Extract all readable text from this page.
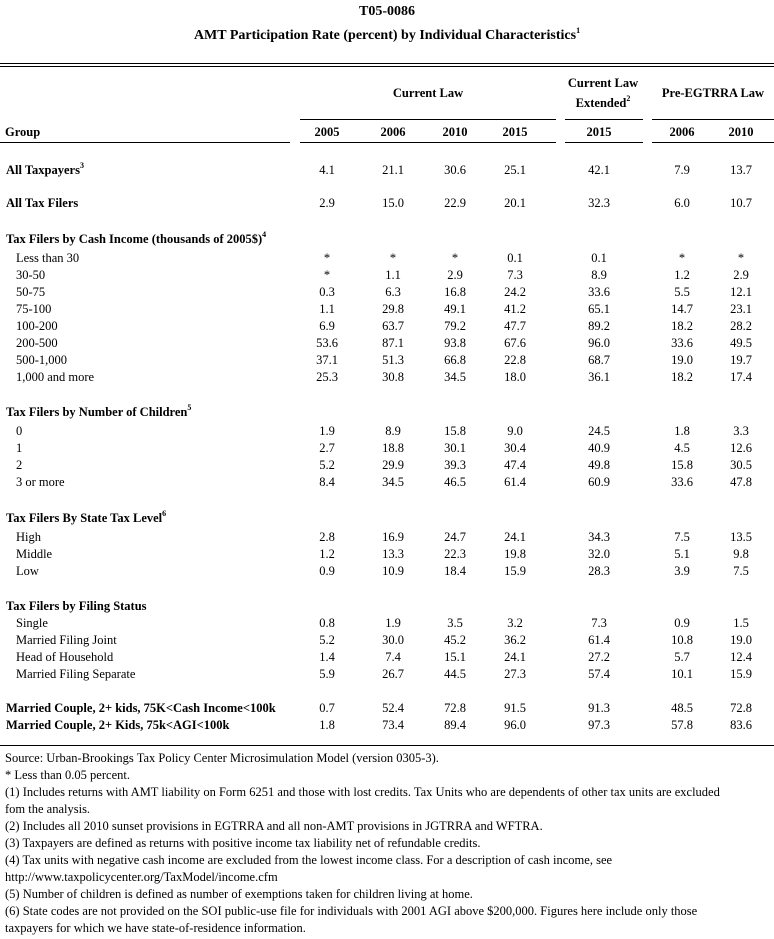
T05-0086
AMT Participation Rate (percent) by Individual Characteristics$^1$
Current Law
Current Law
Extended$^2$	Pre-EGTRRA Law
Group	2005	2006	2010	2015	2015	2006	2010
All Taxpayers$^3$	4.1	21.1	30.6	25.1	42.1	7.9	13.7
All Tax Filers	2.9	15.0	22.9	20.1	32.3	6.0	10.7
Tax Filers by Cash Income (thousands of 2005$)$^4$
Less than 30	*	*	*	0.1	0.1	*	*
30-50	*	1.1	2.9	7.3	8.9	1.2	2.9
50-75	0.3	6.3	16.8	24.2	33.6	5.5	12.1
75-100	1.1	29.8	49.1	41.2	65.1	14.7	23.1
100-200	6.9	63.7	79.2	47.7	89.2	18.2	28.2
200-500	53.6	87.1	93.8	67.6	96.0	33.6	49.5
500-1,000	37.1	51.3	66.8	22.8	68.7	19.0	19.7
1,000 and more	25.3	30.8	34.5	18.0	36.1	18.2	17.4
Tax Filers by Number of Children$^5$
0	1.9	8.9	15.8	9.0	24.5	1.8	3.3
1	2.7	18.8	30.1	30.4	40.9	4.5	12.6
2	5.2	29.9	39.3	47.4	49.8	15.8	30.5
3 or more	8.4	34.5	46.5	61.4	60.9	33.6	47.8
Tax Filers By State Tax Level$^6$
High	2.8	16.9	24.7	24.1	34.3	7.5	13.5
Middle	1.2	13.3	22.3	19.8	32.0	5.1	9.8
Low	0.9	10.9	18.4	15.9	28.3	3.9	7.5
Tax Filers by Filing Status
Single	0.8	1.9	3.5	3.2	7.3	0.9	1.5
Married Filing Joint	5.2	30.0	45.2	36.2	61.4	10.8	19.0
Head of Household	1.4	7.4	15.1	24.1	27.2	5.7	12.4
Married Filing Separate	5.9	26.7	44.5	27.3	57.4	10.1	15.9
Married Couple, 2+ kids, 75K<Cash Income<100k	0.7	52.4	72.8	91.5	91.3	48.5	72.8
Married Couple, 2+ Kids, 75k<AGI<100k	1.8	73.4	89.4	96.0	97.3	57.8	83.6
Source: Urban-Brookings Tax Policy Center Microsimulation Model (version 0305-3).
* Less than 0.05 percent.
(1) Includes returns with AMT liability on Form 6251 and those with lost credits. Tax Units who are dependents of other tax units are excluded
fom the analysis.
(2) Includes all 2010 sunset provisions in EGTRRA and all non-AMT provisions in JGTRRA and WFTRA.
(3) Taxpayers are defined as returns with positive income tax liability net of refundable credits.
(4) Tax units with negative cash income are excluded from the lowest income class. For a description of cash income, see
http://www.taxpolicycenter.org/TaxModel/income.cfm
(5) Number of children is defined as number of exemptions taken for children living at home.
(6) State codes are not provided on the SOI public-use file for individuals with 2001 AGI above $200,000. Figures here include only those
taxpayers for which we have state-of-residence information.
